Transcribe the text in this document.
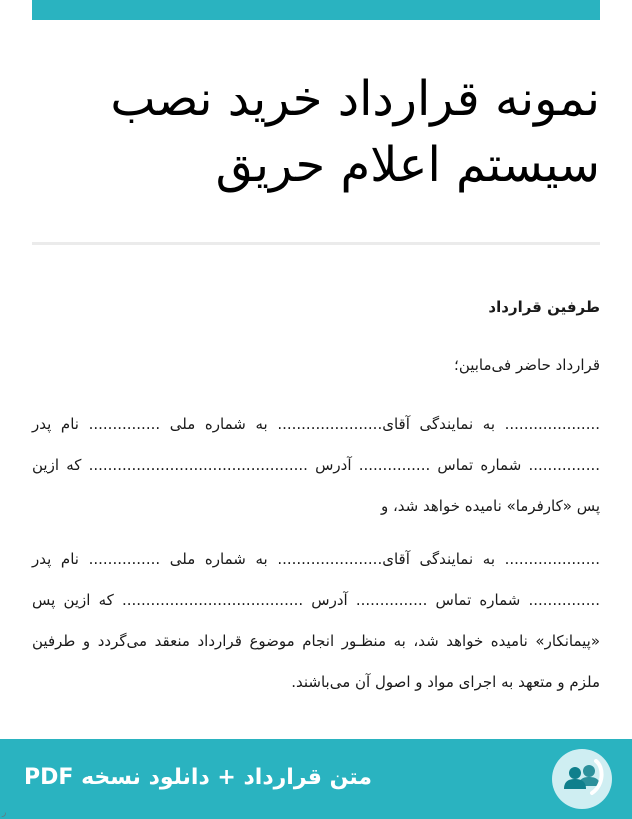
نمونه قرارداد خرید نصب
سیستم اعلام حریق
طرفین قرارداد
قرارداد حاضر فی‌مابین؛

.................... به نمایندگی آقای...................... به شماره ملی ............... نام پدر ............... شماره تماس ............... آدرس .............................................. که ازین پس «کارفرما» نامیده خواهد شد، و

.................... به نمایندگی آقای...................... به شماره ملی ............... نام پدر ............... شماره تماس ............... آدرس ...................................... که ازین پس «پیمانکار» نامیده خواهد شد، به منظـور انجام موضوع قرارداد منعقد می‌گردد و طرفین ملزم و متعهد به اجرای مواد و اصول آن می‌باشند.

متن قرارداد + دانلود نسخه PDF
ر
